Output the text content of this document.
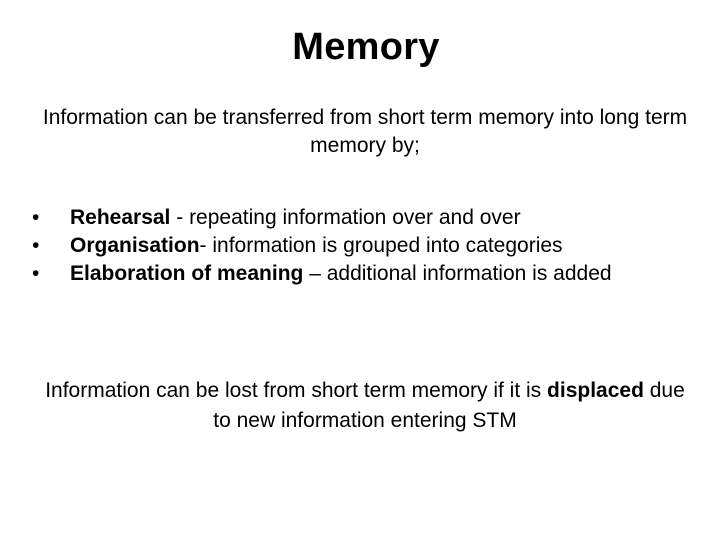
Memory
Information can be transferred from short term memory into long term memory by;
•	Rehearsal - repeating information over and over
•	Organisation- information is grouped into categories
•	Elaboration of meaning – additional information is added
Information can be lost from short term memory if it is displaced due to new information entering STM
